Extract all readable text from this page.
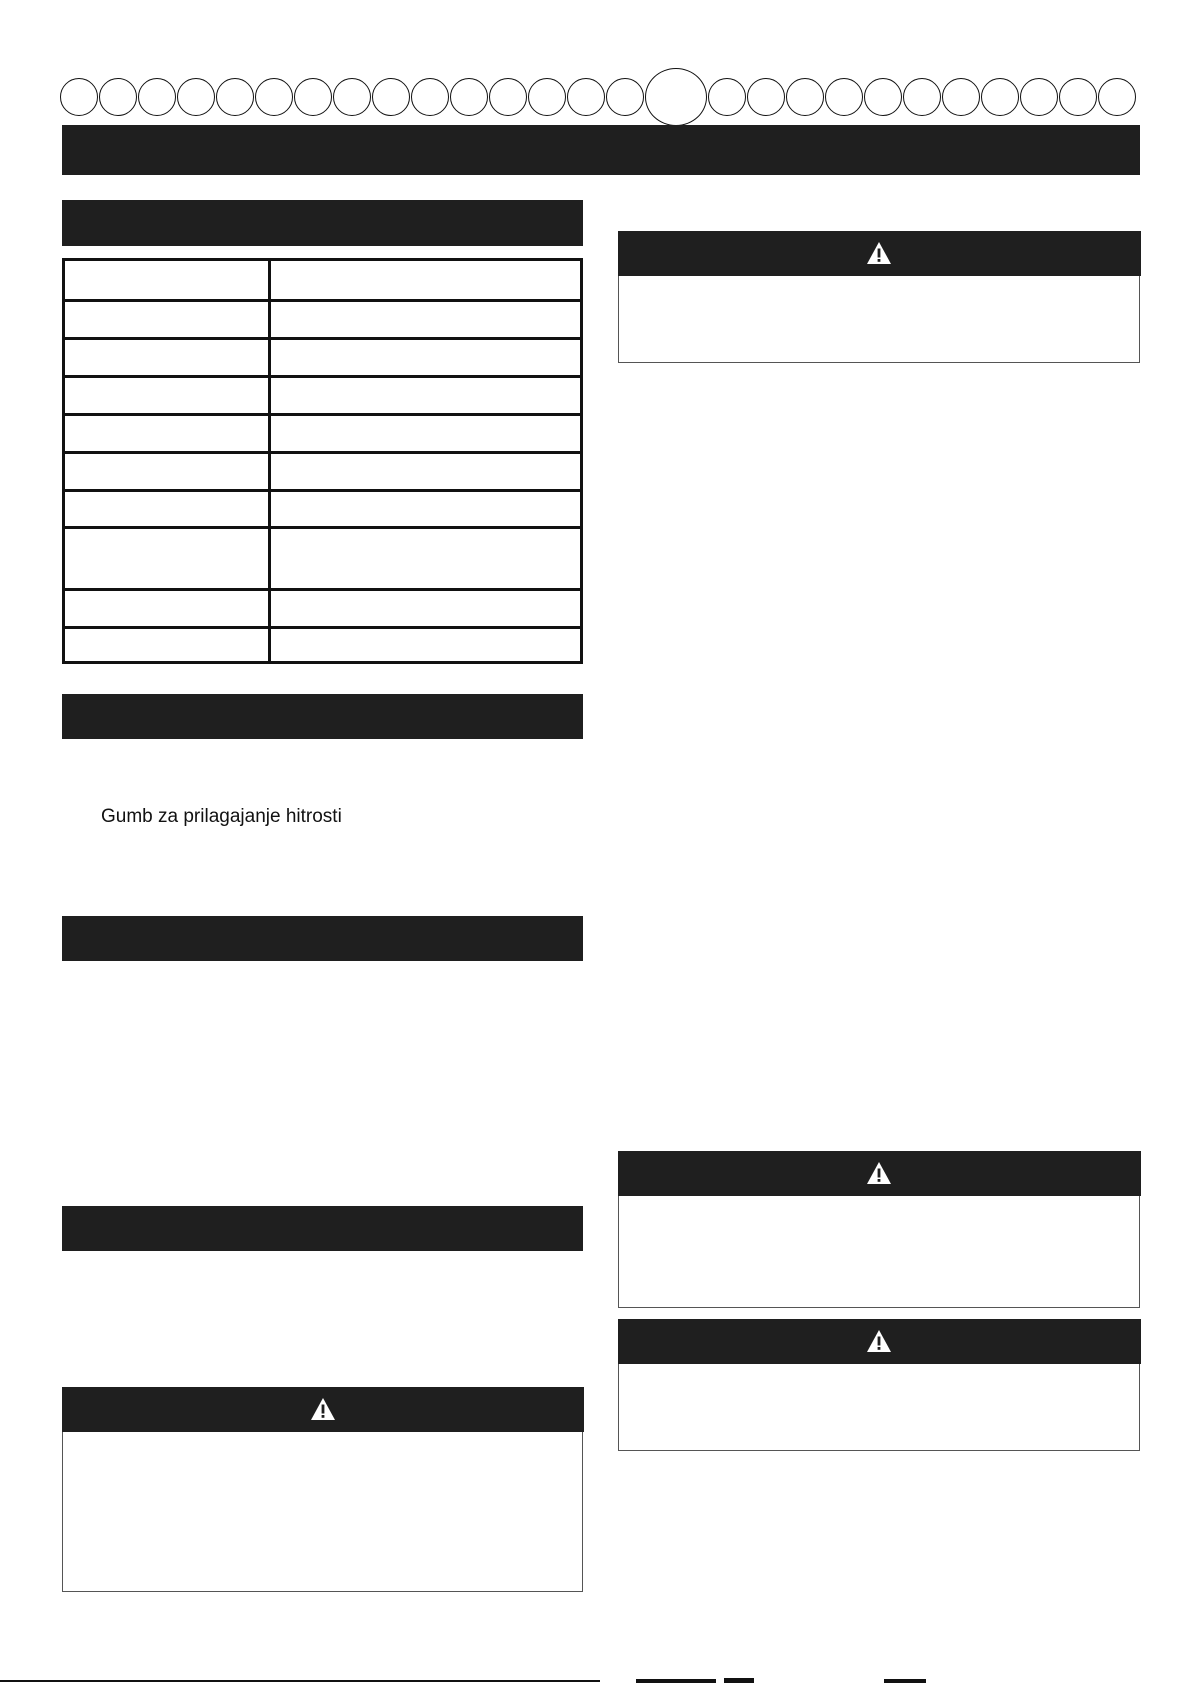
Gumb za prilagajanje hitrosti
